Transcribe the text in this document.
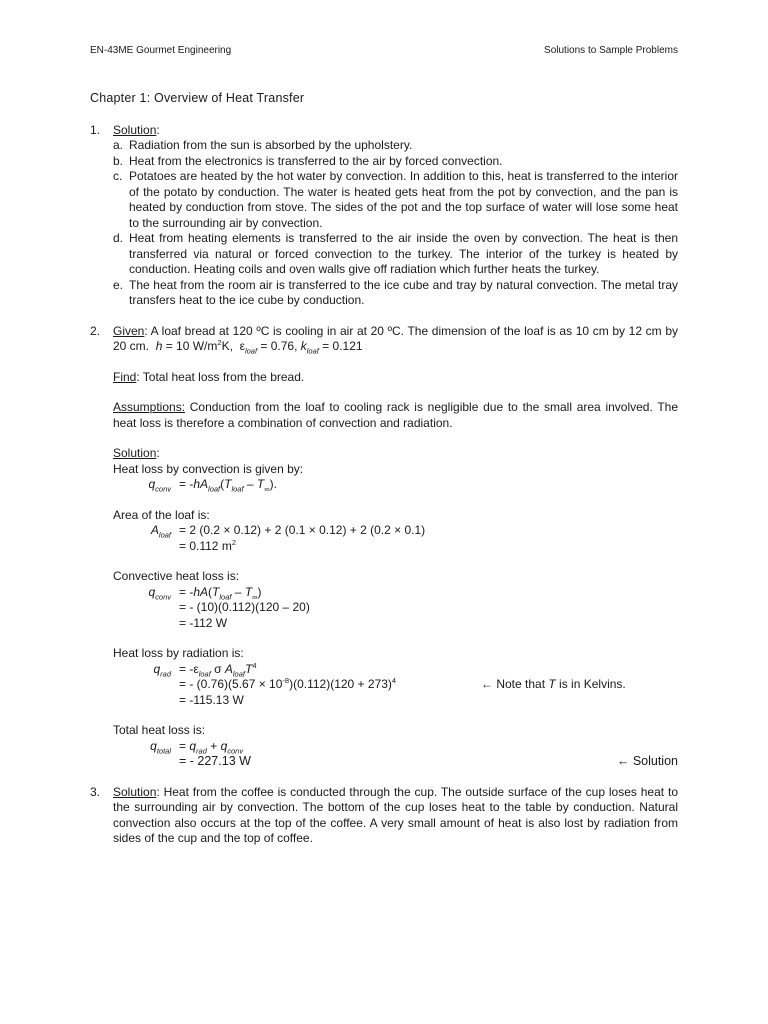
EN-43ME Gourmet Engineering	Solutions to Sample Problems
Chapter 1: Overview of Heat Transfer
1. Solution:
a. Radiation from the sun is absorbed by the upholstery.
b. Heat from the electronics is transferred to the air by forced convection.
c. Potatoes are heated by the hot water by convection. In addition to this, heat is transferred to the interior of the potato by conduction. The water is heated gets heat from the pot by convection, and the pan is heated by conduction from stove. The sides of the pot and the top surface of water will lose some heat to the surrounding air by convection.
d. Heat from heating elements is transferred to the air inside the oven by convection. The heat is then transferred via natural or forced convection to the turkey. The interior of the turkey is heated by conduction. Heating coils and oven walls give off radiation which further heats the turkey.
e. The heat from the room air is transferred to the ice cube and tray by natural convection. The metal tray transfers heat to the ice cube by conduction.
2. Given: A loaf bread at 120 ºC is cooling in air at 20 ºC. The dimension of the loaf is as 10 cm by 12 cm by 20 cm. h = 10 $W/m^2K$, $\varepsilon_{loaf} = 0.76$, $k_{loaf} = 0.121$
Find: Total heat loss from the bread.
Assumptions: Conduction from the loaf to cooling rack is negligible due to the small area involved. The heat loss is therefore a combination of convection and radiation.
Solution:
Heat loss by convection is given by:
$q_{conv} = -hA_{loaf}(T_{loaf} - T_\infty)$.
Area of the loaf is:
$A_{loaf} = 2$ (0.2 × 0.12) + 2 (0.1 × 0.12) + 2 (0.2 × 0.1)
= 0.112 $m^2$
Convective heat loss is:
$q_{conv} = -hA(T_{loaf} - T_\infty)$
= - (10)(0.112)(120 – 20)
= -112 W
Heat loss by radiation is:
$q_{rad} = -\varepsilon_{loaf}$ σ $A_{loaf}T^4$
= - $(0.76)(5.67 \times 10^{-8})(0.112)(120 + 273)^4$	← Note that T is in Kelvins.
= -115.13 W
Total heat loss is:
$q_{total} = q_{rad} + q_{conv}$
= - 227.13 W	← Solution
3. Solution: Heat from the coffee is conducted through the cup. The outside surface of the cup loses heat to the surrounding air by convection. The bottom of the cup loses heat to the table by conduction. Natural convection also occurs at the top of the coffee. A very small amount of heat is also lost by radiation from sides of the cup and the top of coffee.
